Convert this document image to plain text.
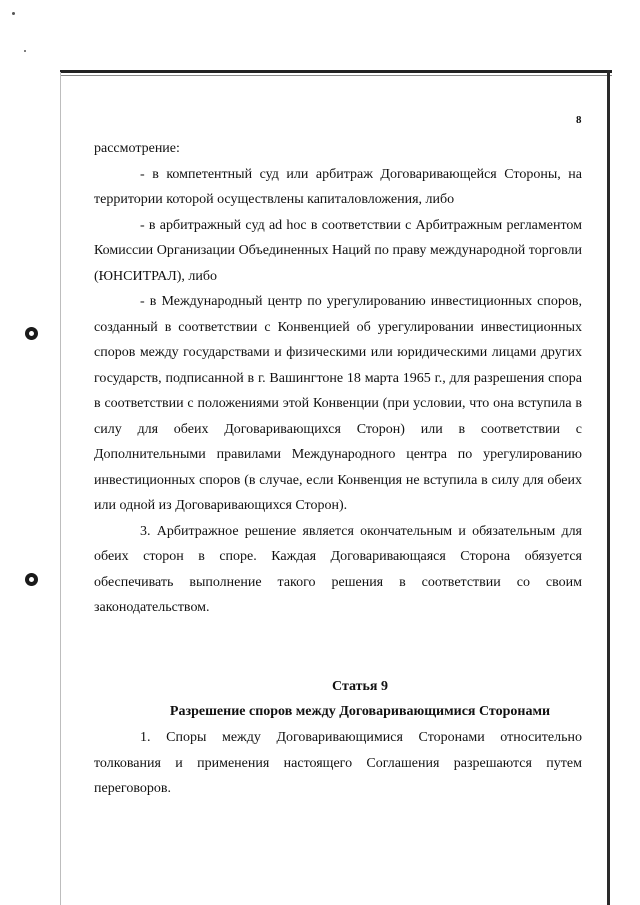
8

рассмотрение:

- в компетентный суд или арбитраж Договаривающейся Стороны, на территории которой осуществлены капиталовложения, либо

- в арбитражный суд ad hoc в соответствии с Арбитражным регламентом Комиссии Организации Объединенных Наций по праву международной торговли (ЮНСИТРАЛ), либо

- в Международный центр по урегулированию инвестиционных споров, созданный в соответствии с Конвенцией об урегулировании инвестиционных споров между государствами и физическими или юридическими лицами других государств, подписанной в г. Вашингтоне 18 марта 1965 г., для разрешения спора в соответствии с положениями этой Конвенции (при условии, что она вступила в силу для обеих Договаривающихся Сторон) или в соответствии с Дополнительными правилами Международного центра по урегулированию инвестиционных споров (в случае, если Конвенция не вступила в силу для обеих или одной из Договаривающихся Сторон).

3. Арбитражное решение является окончательным и обязательным для обеих сторон в споре. Каждая Договаривающаяся Сторона обязуется обеспечивать выполнение такого решения в соответствии со своим законодательством.

Статья 9
Разрешение споров между Договаривающимися Сторонами

1. Споры между Договаривающимися Сторонами относительно толкования и применения настоящего Соглашения разрешаются путем переговоров.
